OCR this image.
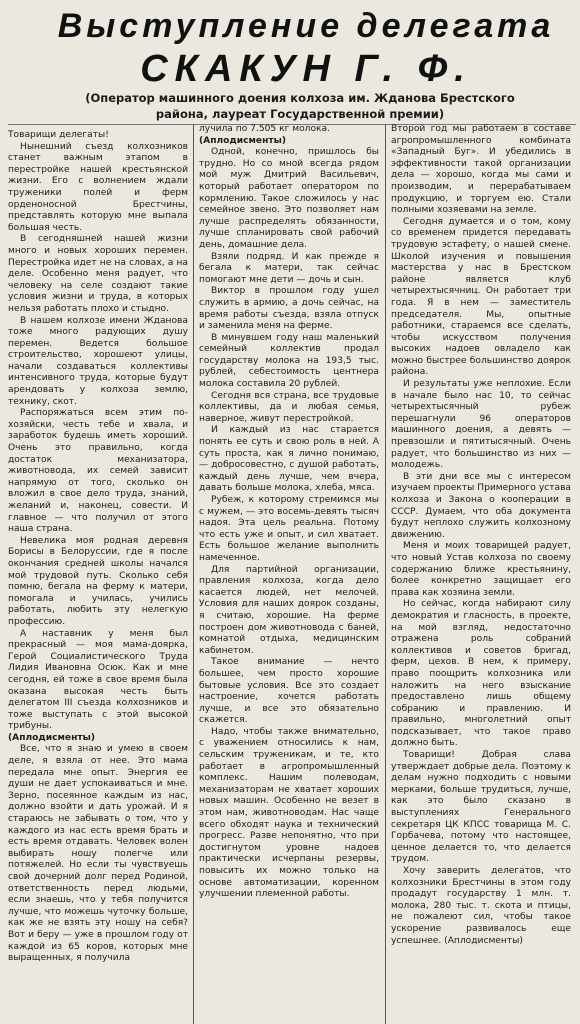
Выступление делегата
СКАКУН Г. Ф.
(Оператор машинного доения колхоза им. Жданова Брестского
района, лауреат Государственной премии)

Товарищи делегаты!

Нынешний съезд колхозников станет важным этапом в перестройке нашей крестьянской жизни. Его с волнением ждали труженики полей и ферм орденоносной Брестчины, представлять которую мне выпала большая честь.

В сегодняшней нашей жизни много и новых хороших перемен. Перестройка идет не на словах, а на деле. Особенно меня радует, что человеку на селе создают такие условия жизни и труда, в которых нельзя работать плохо и стыдно.

В нашем колхозе имени Жданова тоже много радующих душу перемен. Ведется большое строительство, хорошеют улицы, начали создаваться коллективы интенсивного труда, которые будут арендовать у колхоза землю, технику, скот.

Распоряжаться всем этим по-хозяйски, честь тебе и хвала, и заработок будешь иметь хороший. Очень это правильно, когда достаток механизатора, животновода, их семей зависит напрямую от того, сколько он вложил в свое дело труда, знаний, желаний и, наконец, совести. И главное — что получил от этого наша страна.

Невелика моя родная деревня Борисы в Белоруссии, где я после окончания средней школы начался мой трудовой путь. Сколько себя помню, бегала на ферму к матери, помогала и училась, учились работать, любить эту нелегкую профессию.

А наставник у меня был прекрасный — моя мама-доярка, Герой Социалистического Труда Лидия Ивановна Осюк. Как и мне сегодня, ей тоже в свое время была оказана высокая честь быть делегатом III съезда колхозников и тоже выступать с этой высокой трибуны.

(Аплодисменты)

Все, что я знаю и умею в своем деле, я взяла от нее. Это мама передала мне опыт. Энергия ее души не дает успокаиваться и мне. Зерно, посеянное каждым из нас, должно взойти и дать урожай. И я стараюсь не забывать о том, что у каждого из нас есть время брать и есть время отдавать. Человек волен выбирать ношу полегче или потяжелей. Но если ты чувствуешь свой дочерний долг перед Родиной, ответственность перед людьми, если знаешь, что у тебя получится лучше, что можешь чуточку больше, как же не взять эту ношу на себя? Вот и беру — уже в прошлом году от каждой из 65 коров, которых мне выращенных, я получила

лучила по 7.505 кг молока.

(Аплодисменты)

Одной, конечно, пришлось бы трудно. Но со мной всегда рядом мой муж Дмитрий Васильевич, который работает оператором по кормлению. Такое сложилось у нас семейное звено. Это позволяет нам лучше распределять обязанности, лучше спланировать свой рабочий день, домашние дела.

Взяли подряд. И как прежде я бегала к матери, так сейчас помогают мне дети — дочь и сын.

Виктор в прошлом году ушел служить в армию, а дочь сейчас, на время работы съезда, взяла отпуск и заменила меня на ферме.

В минувшем году наш маленький семейный коллектив продал государству молока на 193,5 тыс. рублей, себестоимость центнера молока составила 20 рублей.

Сегодня вся страна, все трудовые коллективы, да и любая семья, наверное, живут перестройкой.

И каждый из нас старается понять ее суть и свою роль в ней. А суть проста, как я лично понимаю, — добросовестно, с душой работать, каждый день лучше, чем вчера, давать больше молока, хлеба, мяса.

Рубеж, к которому стремимся мы с мужем, — это восемь-девять тысяч надоя. Эта цель реальна. Потому что есть уже и опыт, и сил хватает. Есть большое желание выполнить намеченное.

Для партийной организации, правления колхоза, когда дело касается людей, нет мелочей. Условия для наших доярок созданы, я считаю, хорошие. На ферме построен дом животновода с баней, комнатой отдыха, медицинским кабинетом.

Такое внимание — нечто большее, чем просто хорошие бытовые условия. Все это создает настроение, хочется работать лучше, и все это обязательно скажется.

Надо, чтобы также внимательно, с уважением относились к нам, сельским труженикам, и те, кто работает в агропромышленный комплекс. Нашим полеводам, механизаторам не хватает хороших новых машин. Особенно не везет в этом нам, животноводам. Нас чаще всего обходят наука и технический прогресс. Разве непонятно, что при достигнутом уровне надоев практически исчерпаны резервы, повысить их можно только на основе автоматизации, коренном улучшении племенной работы.

Второй год мы работаем в составе агропромышленного комбината «Западный Буг». И убедились в эффективности такой организации дела — хорошо, когда мы сами и производим, и перерабатываем продукцию, и торгуем ею. Стали полными хозяевами на земле.

Сегодня думается и о том, кому со временем придется передавать трудовую эстафету, о нашей смене. Школой изучения и повышения мастерства у нас в Брестском районе является клуб четырехтысячниц. Он работает три года. Я в нем — заместитель председателя. Мы, опытные работники, стараемся все сделать, чтобы искусством получения высоких надоев овладело как можно быстрее большинство доярок района.

И результаты уже неплохие. Если в начале было нас 10, то сейчас четырехтысячный рубеж перешагнули 96 операторов машинного доения, а девять — превзошли и пятитысячный. Очень радует, что большинство из них — молодежь.

В эти дни все мы с интересом изучаем проекты Примерного устава колхоза и Закона о кооперации в СССР. Думаем, что оба документа будут неплохо служить колхозному движению.

Меня и моих товарищей радует, что новый Устав колхоза по своему содержанию ближе крестьянину, более конкретно защищает его права как хозяина земли.

Но сейчас, когда набирают силу демократия и гласность, в проекте, на мой взгляд, недостаточно отражена роль собраний коллективов и советов бригад, ферм, цехов. В нем, к примеру, право поощрить колхозника или наложить на него взыскание предоставлено лишь общему собранию и правлению. И правильно, многолетний опыт подсказывает, что такое право должно быть.

Товарищи! Добрая слава утверждает добрые дела. Поэтому к делам нужно подходить с новыми мерками, больше трудиться, лучше, как это было сказано в выступлениях Генерального секретаря ЦК КПСС товарища М. С. Горбачева, потому что настоящее, ценное делается то, что делается трудом.

Хочу заверить делегатов, что колхозники Брестчины в этом году продадут государству 1 млн. т. молока, 280 тыс. т. скота и птицы, не пожалеют сил, чтобы такое ускорение развивалось еще успешнее. (Аплодисменты)
